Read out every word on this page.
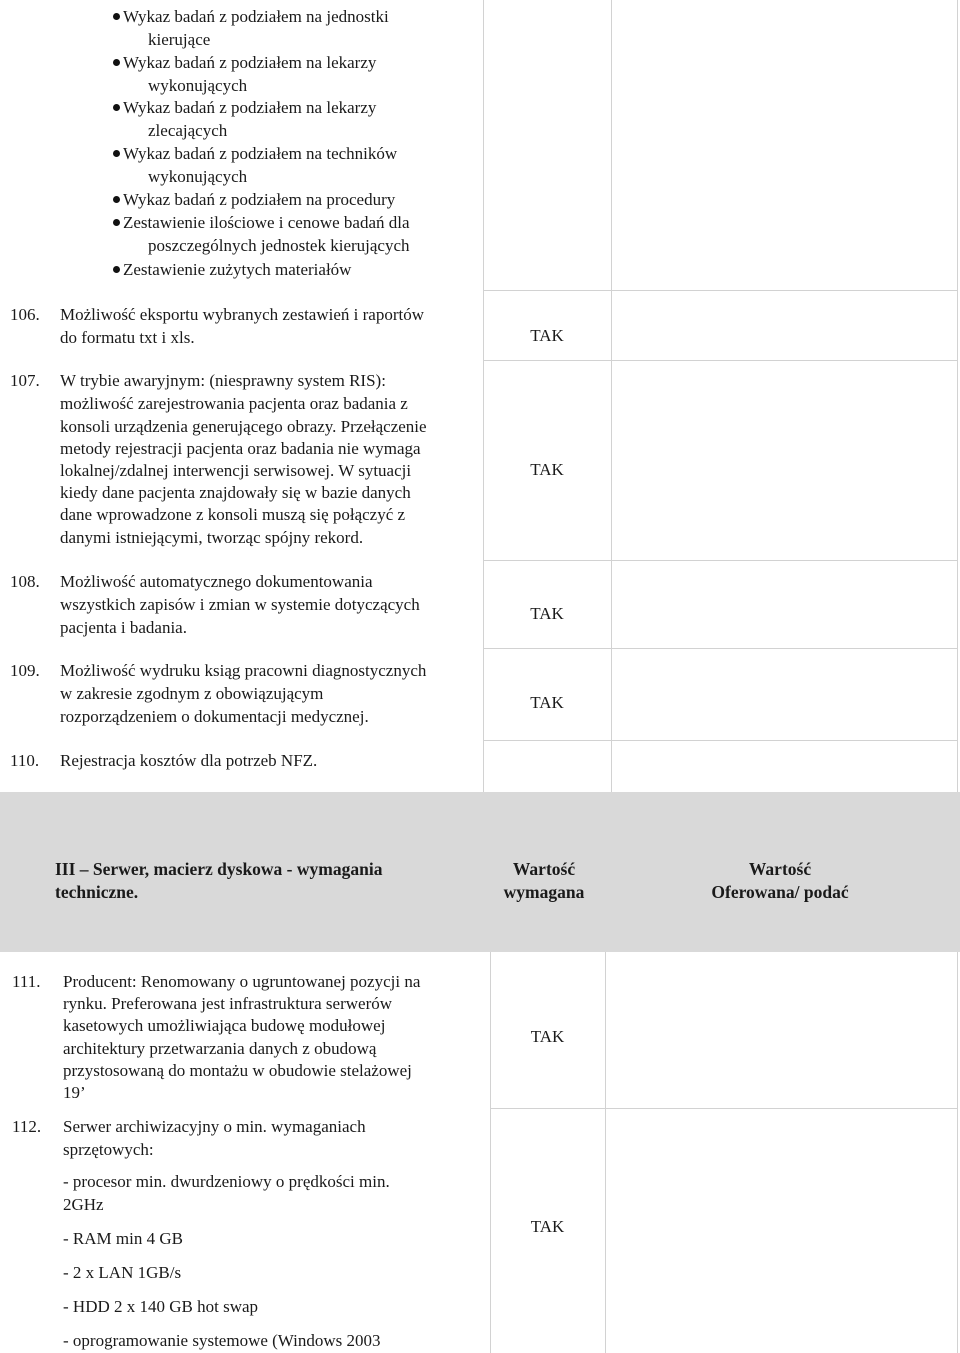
Wykaz badań z podziałem na jednostki
kierujące
Wykaz badań z podziałem na lekarzy
wykonujących
Wykaz badań z podziałem na lekarzy
zlecających
Wykaz badań z podziałem na techników
wykonujących
Wykaz badań z podziałem na procedury
Zestawienie ilościowe i cenowe badań dla
poszczególnych jednostek kierujących
Zestawienie zużytych materiałów
106. Możliwość eksportu wybranych zestawień i raportów
do formatu txt i xls.	TAK
107. W trybie awaryjnym: (niesprawny system RIS):
możliwość zarejestrowania pacjenta oraz badania z
konsoli urządzenia generującego obrazy. Przełączenie
metody rejestracji pacjenta oraz badania nie wymaga
lokalnej/zdalnej interwencji serwisowej. W sytuacji
kiedy dane pacjenta znajdowały się w bazie danych
dane wprowadzone z konsoli muszą się połączyć z
danymi istniejącymi, tworząc spójny rekord.
TAK
108. Możliwość automatycznego dokumentowania
wszystkich zapisów i zmian w systemie dotyczących
pacjenta i badania.
TAK
109. Możliwość wydruku ksiąg pracowni diagnostycznych
w zakresie zgodnym z obowiązującym
rozporządzeniem o dokumentacji medycznej.
TAK
110. Rejestracja kosztów dla potrzeb NFZ.
III – Serwer, macierz dyskowa - wymagania
techniczne.
Wartość
wymagana
Wartość
Oferowana/ podać
111. Producent: Renomowany o ugruntowanej pozycji na
rynku. Preferowana jest infrastruktura serwerów
kasetowych umożliwiająca budowę modułowej
architektury przetwarzania danych z obudową
przystosowaną do montażu w obudowie stelażowej
19’
TAK
112. Serwer archiwizacyjny o min. wymaganiach
sprzętowych:
- procesor min. dwurdzeniowy o prędkości min.
2GHz
- RAM min 4 GB
- 2 x LAN 1GB/s
- HDD 2 x 140 GB hot swap
- oprogramowanie systemowe (Windows 2003
TAK
